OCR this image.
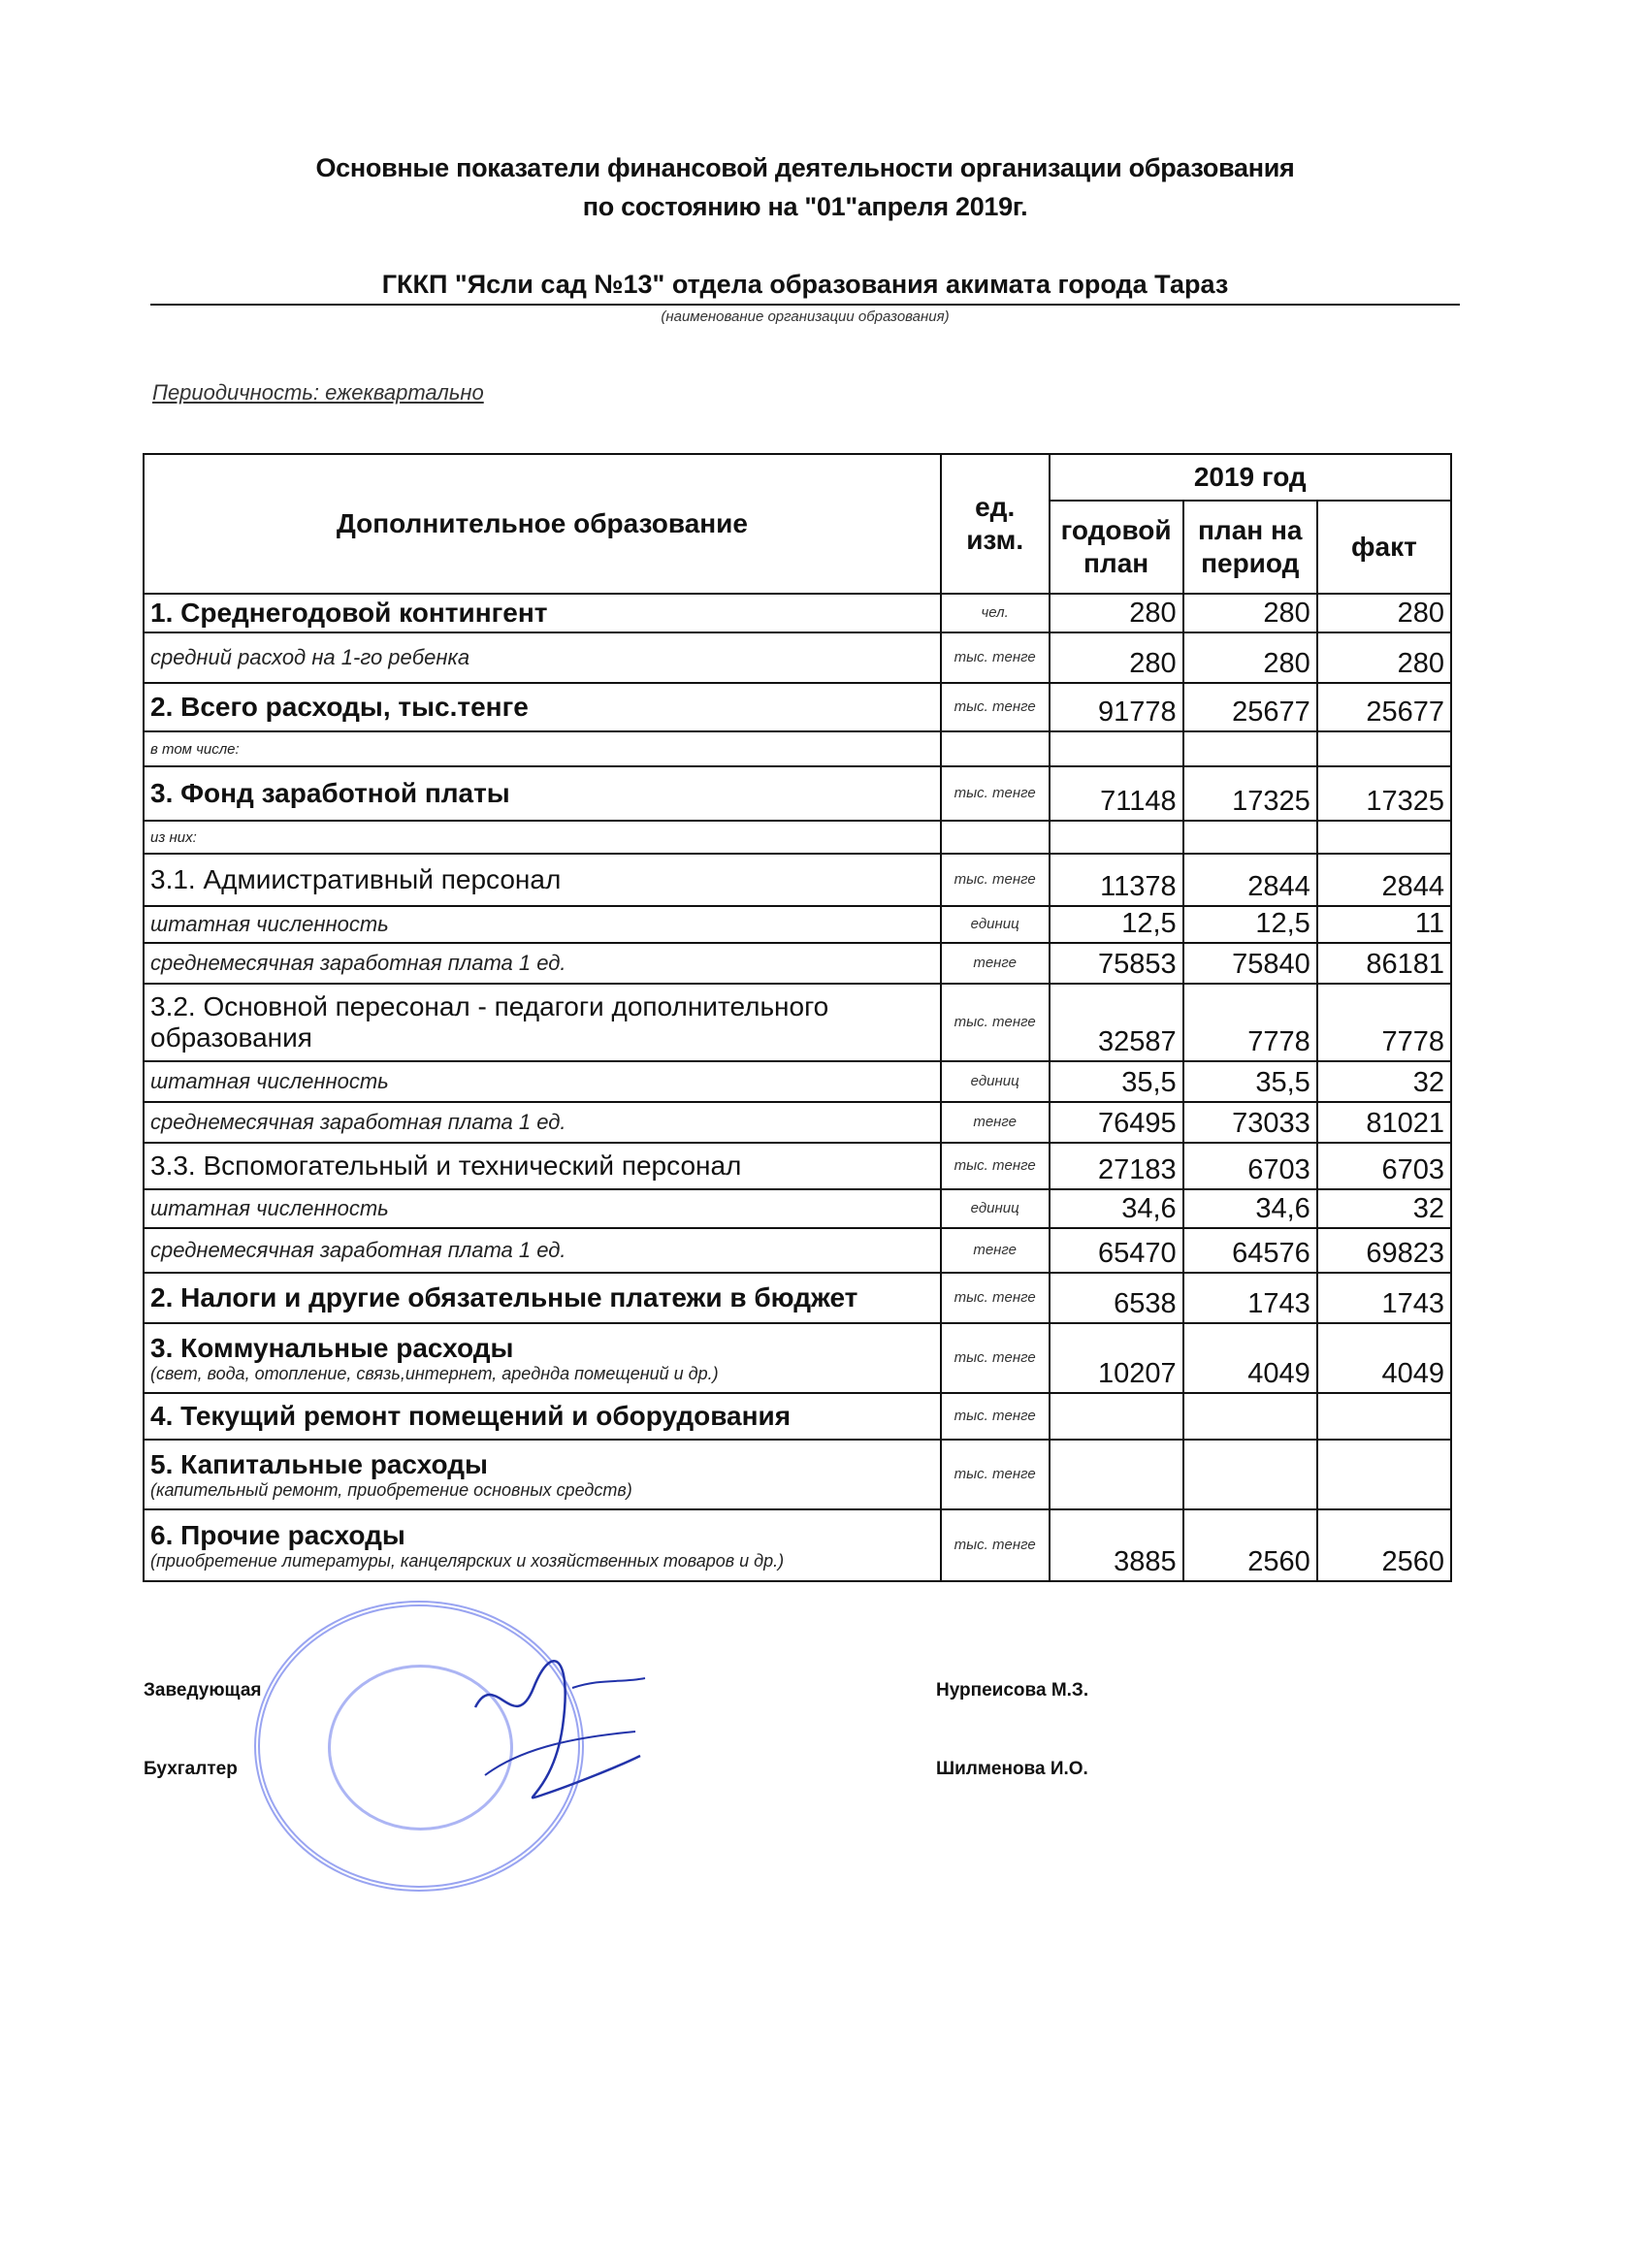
Основные показатели финансовой деятельности организации образования
по состоянию на "01"апреля 2019г.
ГККП "Ясли сад №13" отдела образования акимата города Тараз
(наименование организации образования)
Периодичность: ежеквартально
Дополнительное образование	ед. изм.	2019 год		
		годовой план	план на период	факт
1. Среднегодовой контингент	чел.	280	280	280
средний расход на 1-го ребенка	тыс. тенге	280	280	280
2. Всего расходы, тыс.тенге	тыс. тенге	91778	25677	25677
в том числе:				
3. Фонд заработной платы	тыс. тенге	71148	17325	17325
из них:				
3.1. Адмиистративный персонал	тыс. тенге	11378	2844	2844
штатная численность	единиц	12,5	12,5	11
среднемесячная заработная плата 1 ед.	тенге	75853	75840	86181
3.2. Основной пересонал - педагоги дополнительного образования	тыс. тенге	32587	7778	7778
штатная численность	единиц	35,5	35,5	32
среднемесячная заработная плата 1 ед.	тенге	76495	73033	81021
3.3. Вспомогательный и технический персонал	тыс. тенге	27183	6703	6703
штатная численность	единиц	34,6	34,6	32
среднемесячная заработная плата 1 ед.	тенге	65470	64576	69823
2. Налоги и другие обязательные платежи в бюджет	тыс. тенге	6538	1743	1743
3. Коммунальные расходы
(свет, вода, отопление, связь,интернет, арeднда помещений и др.)	тыс. тенге	10207	4049	4049
4. Текущий ремонт помещений и оборудования	тыс. тенге			
5. Капитальные расходы
(капительный ремонт, приобретение основных средств)	тыс. тенге			
6. Прочие расходы
(приобретение литературы, канцелярских и хозяйственных товаров и др.)	тыс. тенге	3885	2560	2560
Заведующая	Нурпеисова М.З.
Бухгалтер	Шилменова И.О.
